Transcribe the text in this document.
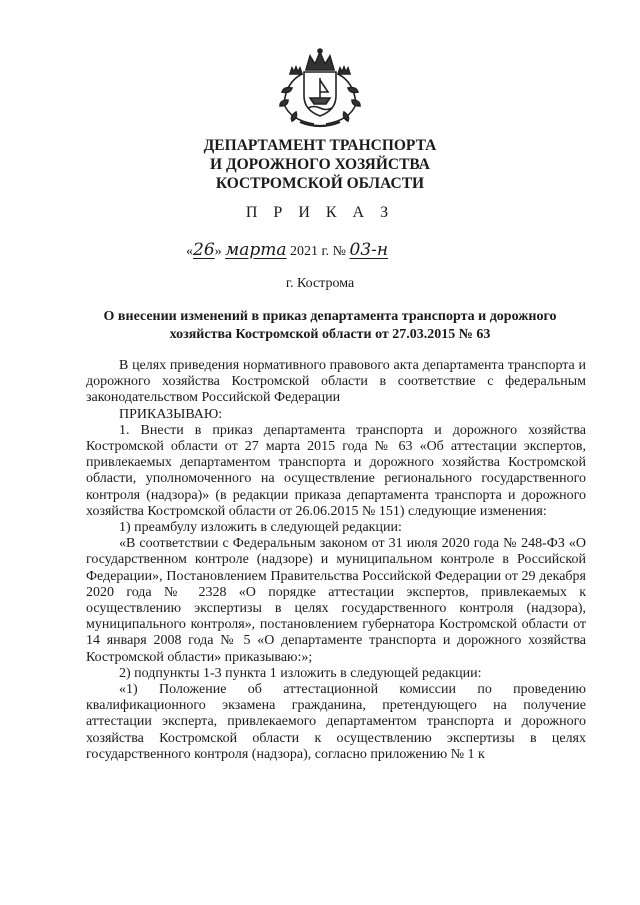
ДЕПАРТАМЕНТ ТРАНСПОРТА
И ДОРОЖНОГО ХОЗЯЙСТВА
КОСТРОМСКОЙ ОБЛАСТИ
П Р И К А З
«26» марта 2021 г. № 03-н
г. Кострома
О внесении изменений в приказ департамента транспорта и дорожного
хозяйства Костромской области от 27.03.2015 № 63

В целях приведения нормативного правового акта департамента транспорта и дорожного хозяйства Костромской области в соответствие с федеральным законодательством Российской Федерации

ПРИКАЗЫВАЮ:

1. Внести в приказ департамента транспорта и дорожного хозяйства Костромской области от 27 марта 2015 года № 63 «Об аттестации экспертов, привлекаемых департаментом транспорта и дорожного хозяйства Костромской области, уполномоченного на осуществление регионального государственного контроля (надзора)» (в редакции приказа департамента транспорта и дорожного хозяйства Костромской области от 26.06.2015 № 151) следующие изменения:

1) преамбулу изложить в следующей редакции:

«В соответствии с Федеральным законом от 31 июля 2020 года № 248-ФЗ «О государственном контроле (надзоре) и муниципальном контроле в Российской Федерации», Постановлением Правительства Российской Федерации от 29 декабря 2020 года № 2328 «О порядке аттестации экспертов, привлекаемых к осуществлению экспертизы в целях государственного контроля (надзора), муниципального контроля», постановлением губернатора Костромской области от 14 января 2008 года № 5 «О департаменте транспорта и дорожного хозяйства Костромской области» приказываю:»;

2) подпункты 1-3 пункта 1 изложить в следующей редакции:

«1) Положение об аттестационной комиссии по проведению квалификационного экзамена гражданина, претендующего на получение аттестации эксперта, привлекаемого департаментом транспорта и дорожного хозяйства Костромской области к осуществлению экспертизы в целях государственного контроля (надзора), согласно приложению № 1 к
